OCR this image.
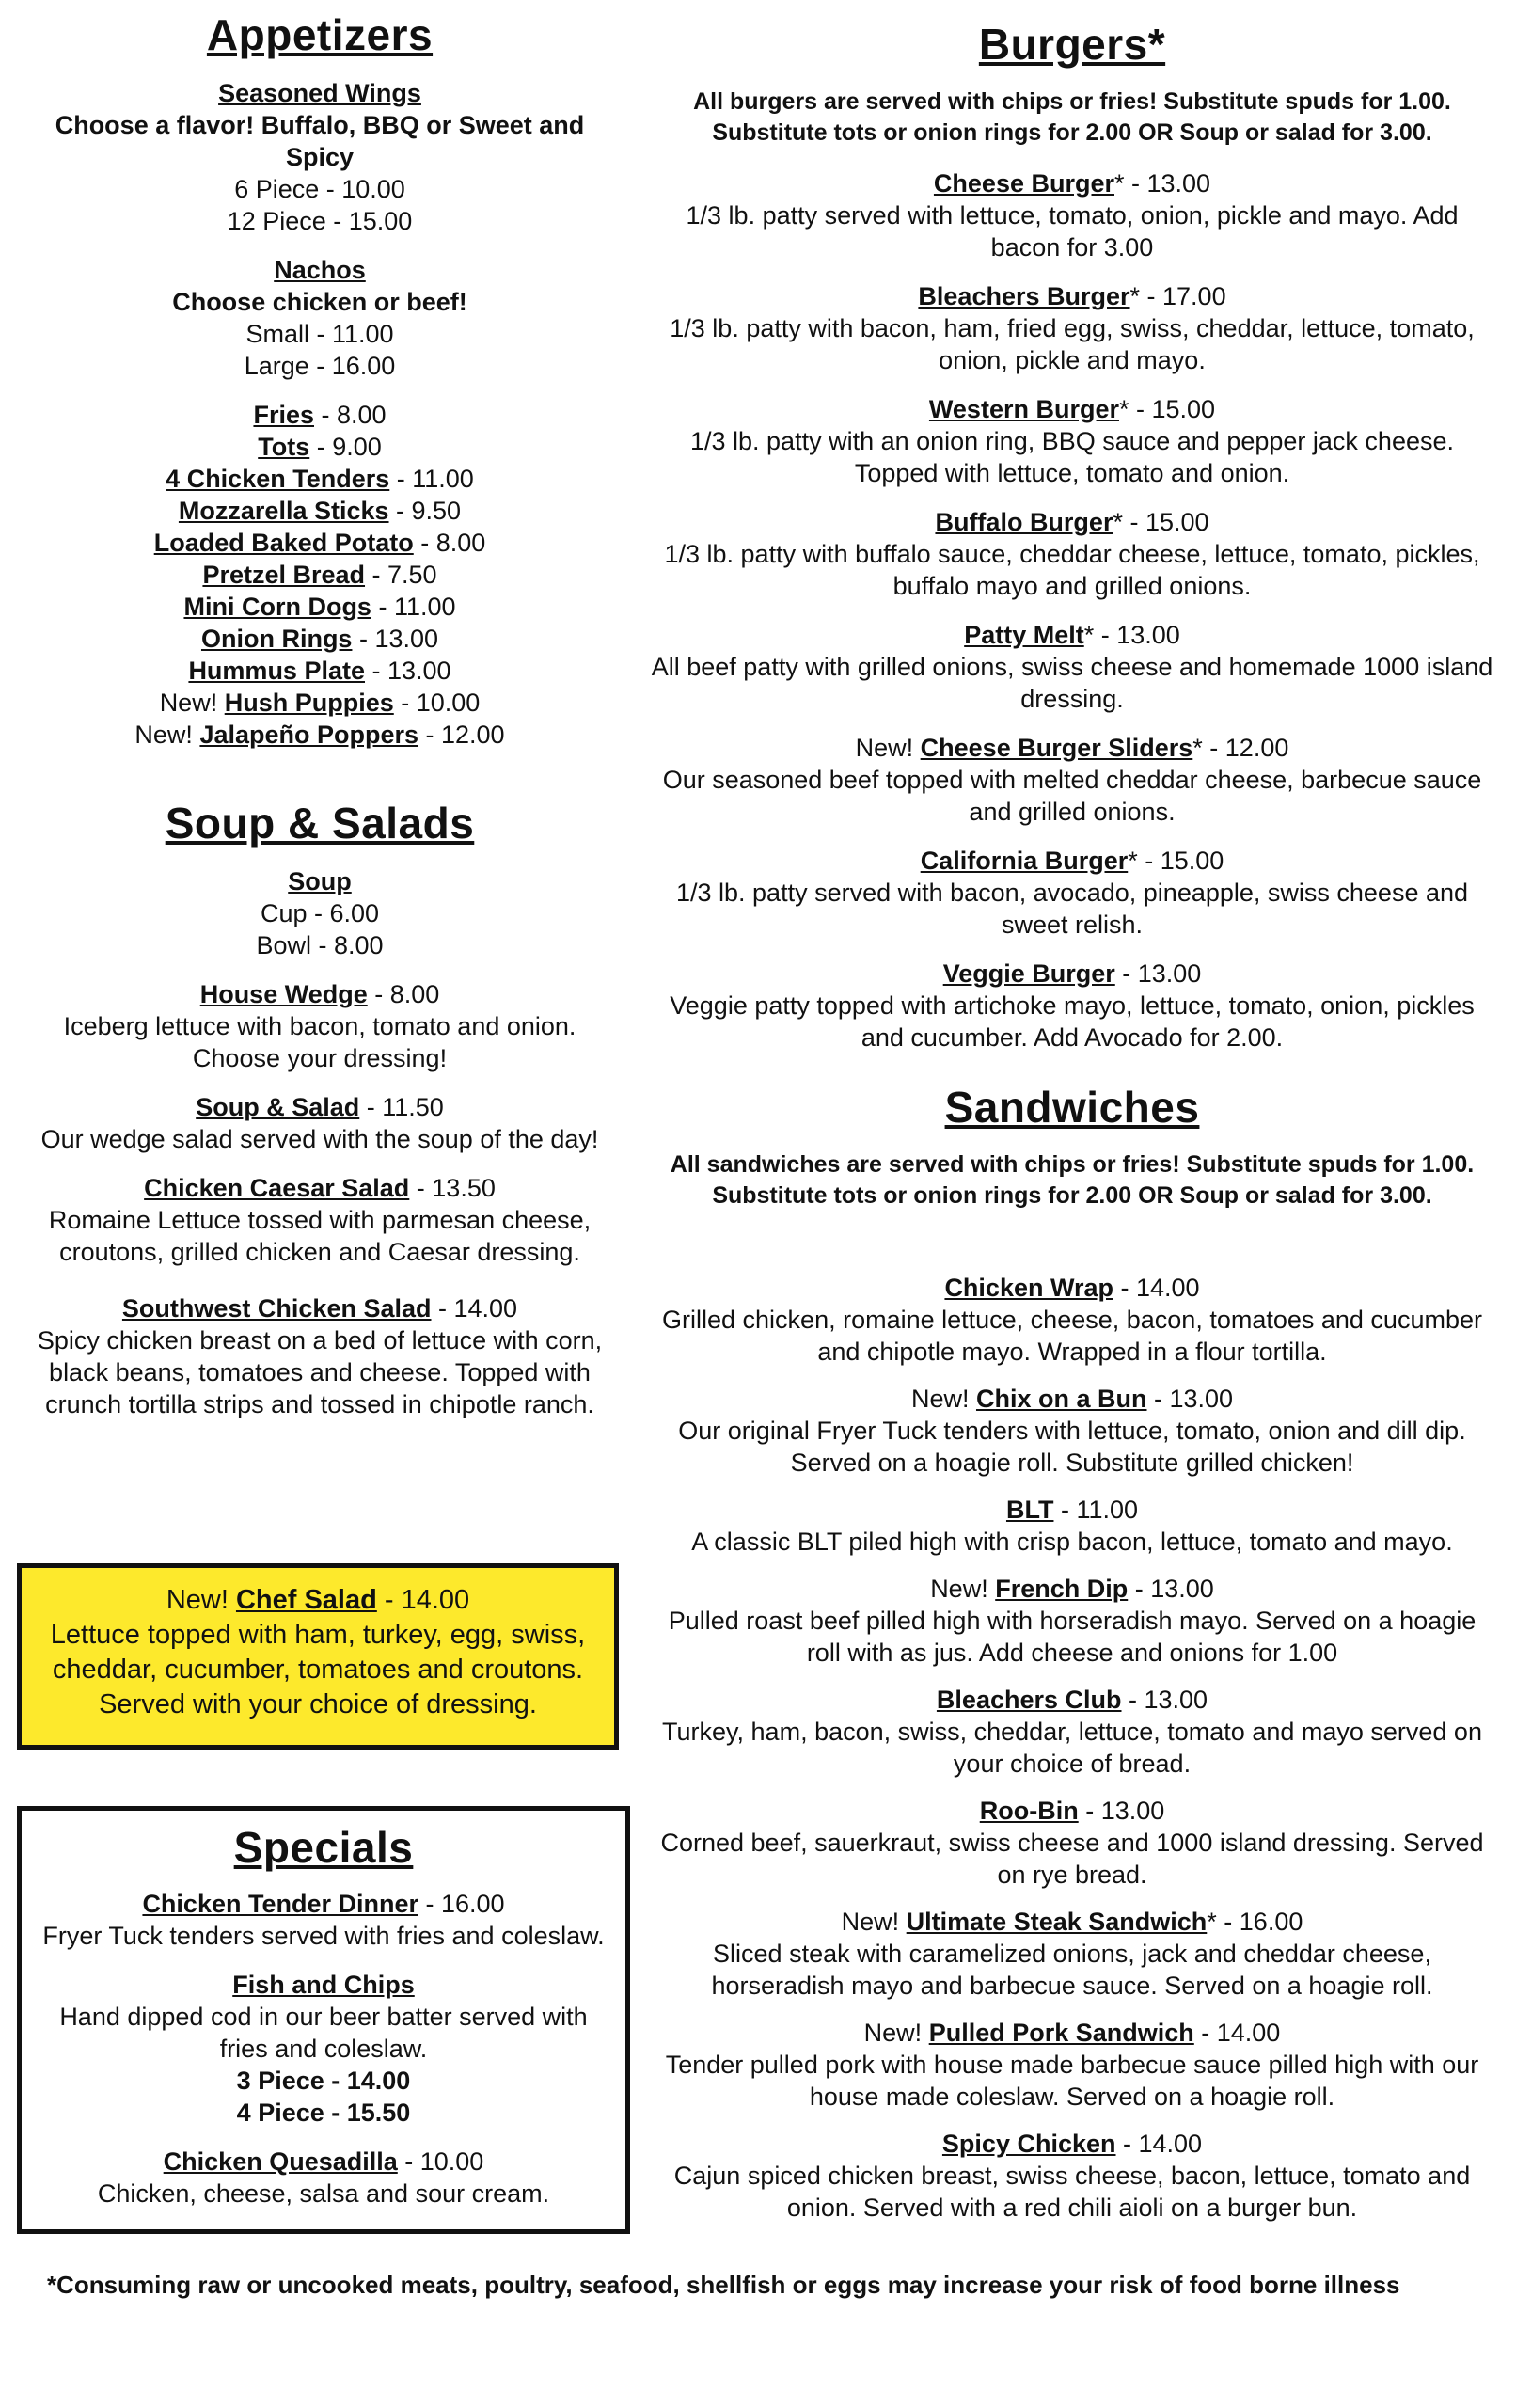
Appetizers
Seasoned Wings
Choose a flavor! Buffalo, BBQ or Sweet and Spicy
6 Piece - 10.00
12 Piece - 15.00
Nachos
Choose chicken or beef!
Small - 11.00
Large - 16.00
Fries - 8.00
Tots - 9.00
4 Chicken Tenders - 11.00
Mozzarella Sticks - 9.50
Loaded Baked Potato - 8.00
Pretzel Bread - 7.50
Mini Corn Dogs - 11.00
Onion Rings - 13.00
Hummus Plate - 13.00
New! Hush Puppies - 10.00
New! Jalapeño Poppers - 12.00
Soup & Salads
Soup
Cup - 6.00
Bowl - 8.00
House Wedge - 8.00
Iceberg lettuce with bacon, tomato and onion. Choose your dressing!
Soup & Salad - 11.50
Our wedge salad served with the soup of the day!
Chicken Caesar Salad - 13.50
Romaine Lettuce tossed with parmesan cheese, croutons, grilled chicken and Caesar dressing.
Southwest Chicken Salad - 14.00
Spicy chicken breast on a bed of lettuce with corn, black beans, tomatoes and cheese. Topped with crunch tortilla strips and tossed in chipotle ranch.
New! Chef Salad - 14.00
Lettuce topped with ham, turkey, egg, swiss, cheddar, cucumber, tomatoes and croutons. Served with your choice of dressing.
Specials
Chicken Tender Dinner - 16.00
Fryer Tuck tenders served with fries and coleslaw.
Fish and Chips
Hand dipped cod in our beer batter served with fries and coleslaw.
3 Piece - 14.00
4 Piece - 15.50
Chicken Quesadilla - 10.00
Chicken, cheese, salsa and sour cream.
Burgers*
All burgers are served with chips or fries! Substitute spuds for 1.00. Substitute tots or onion rings for 2.00 OR Soup or salad for 3.00.
Cheese Burger* - 13.00
1/3 lb. patty served with lettuce, tomato, onion, pickle and mayo. Add bacon for 3.00
Bleachers Burger* - 17.00
1/3 lb. patty with bacon, ham, fried egg, swiss, cheddar, lettuce, tomato, onion, pickle and mayo.
Western Burger* - 15.00
1/3 lb. patty with an onion ring, BBQ sauce and pepper jack cheese. Topped with lettuce, tomato and onion.
Buffalo Burger* - 15.00
1/3 lb. patty with buffalo sauce, cheddar cheese, lettuce, tomato, pickles, buffalo mayo and grilled onions.
Patty Melt* - 13.00
All beef patty with grilled onions, swiss cheese and homemade 1000 island dressing.
New! Cheese Burger Sliders* - 12.00
Our seasoned beef topped with melted cheddar cheese, barbecue sauce and grilled onions.
California Burger* - 15.00
1/3 lb. patty served with bacon, avocado, pineapple, swiss cheese and sweet relish.
Veggie Burger - 13.00
Veggie patty topped with artichoke mayo, lettuce, tomato, onion, pickles and cucumber. Add Avocado for 2.00.
Sandwiches
All sandwiches are served with chips or fries! Substitute spuds for 1.00. Substitute tots or onion rings for 2.00 OR Soup or salad for 3.00.
Chicken Wrap - 14.00
Grilled chicken, romaine lettuce, cheese, bacon, tomatoes and cucumber and chipotle mayo. Wrapped in a flour tortilla.
New! Chix on a Bun - 13.00
Our original Fryer Tuck tenders with lettuce, tomato, onion and dill dip. Served on a hoagie roll. Substitute grilled chicken!
BLT - 11.00
A classic BLT piled high with crisp bacon, lettuce, tomato and mayo.
New! French Dip - 13.00
Pulled roast beef pilled high with horseradish mayo. Served on a hoagie roll with as jus. Add cheese and onions for 1.00
Bleachers Club - 13.00
Turkey, ham, bacon, swiss, cheddar, lettuce, tomato and mayo served on your choice of bread.
Roo-Bin - 13.00
Corned beef, sauerkraut, swiss cheese and 1000 island dressing. Served on rye bread.
New! Ultimate Steak Sandwich* - 16.00
Sliced steak with caramelized onions, jack and cheddar cheese, horseradish mayo and barbecue sauce. Served on a hoagie roll.
New! Pulled Pork Sandwich - 14.00
Tender pulled pork with house made barbecue sauce pilled high with our house made coleslaw. Served on a hoagie roll.
Spicy Chicken - 14.00
Cajun spiced chicken breast, swiss cheese, bacon, lettuce, tomato and onion. Served with a red chili aioli on a burger bun.
*Consuming raw or uncooked meats, poultry, seafood, shellfish or eggs may increase your risk of food borne illness
